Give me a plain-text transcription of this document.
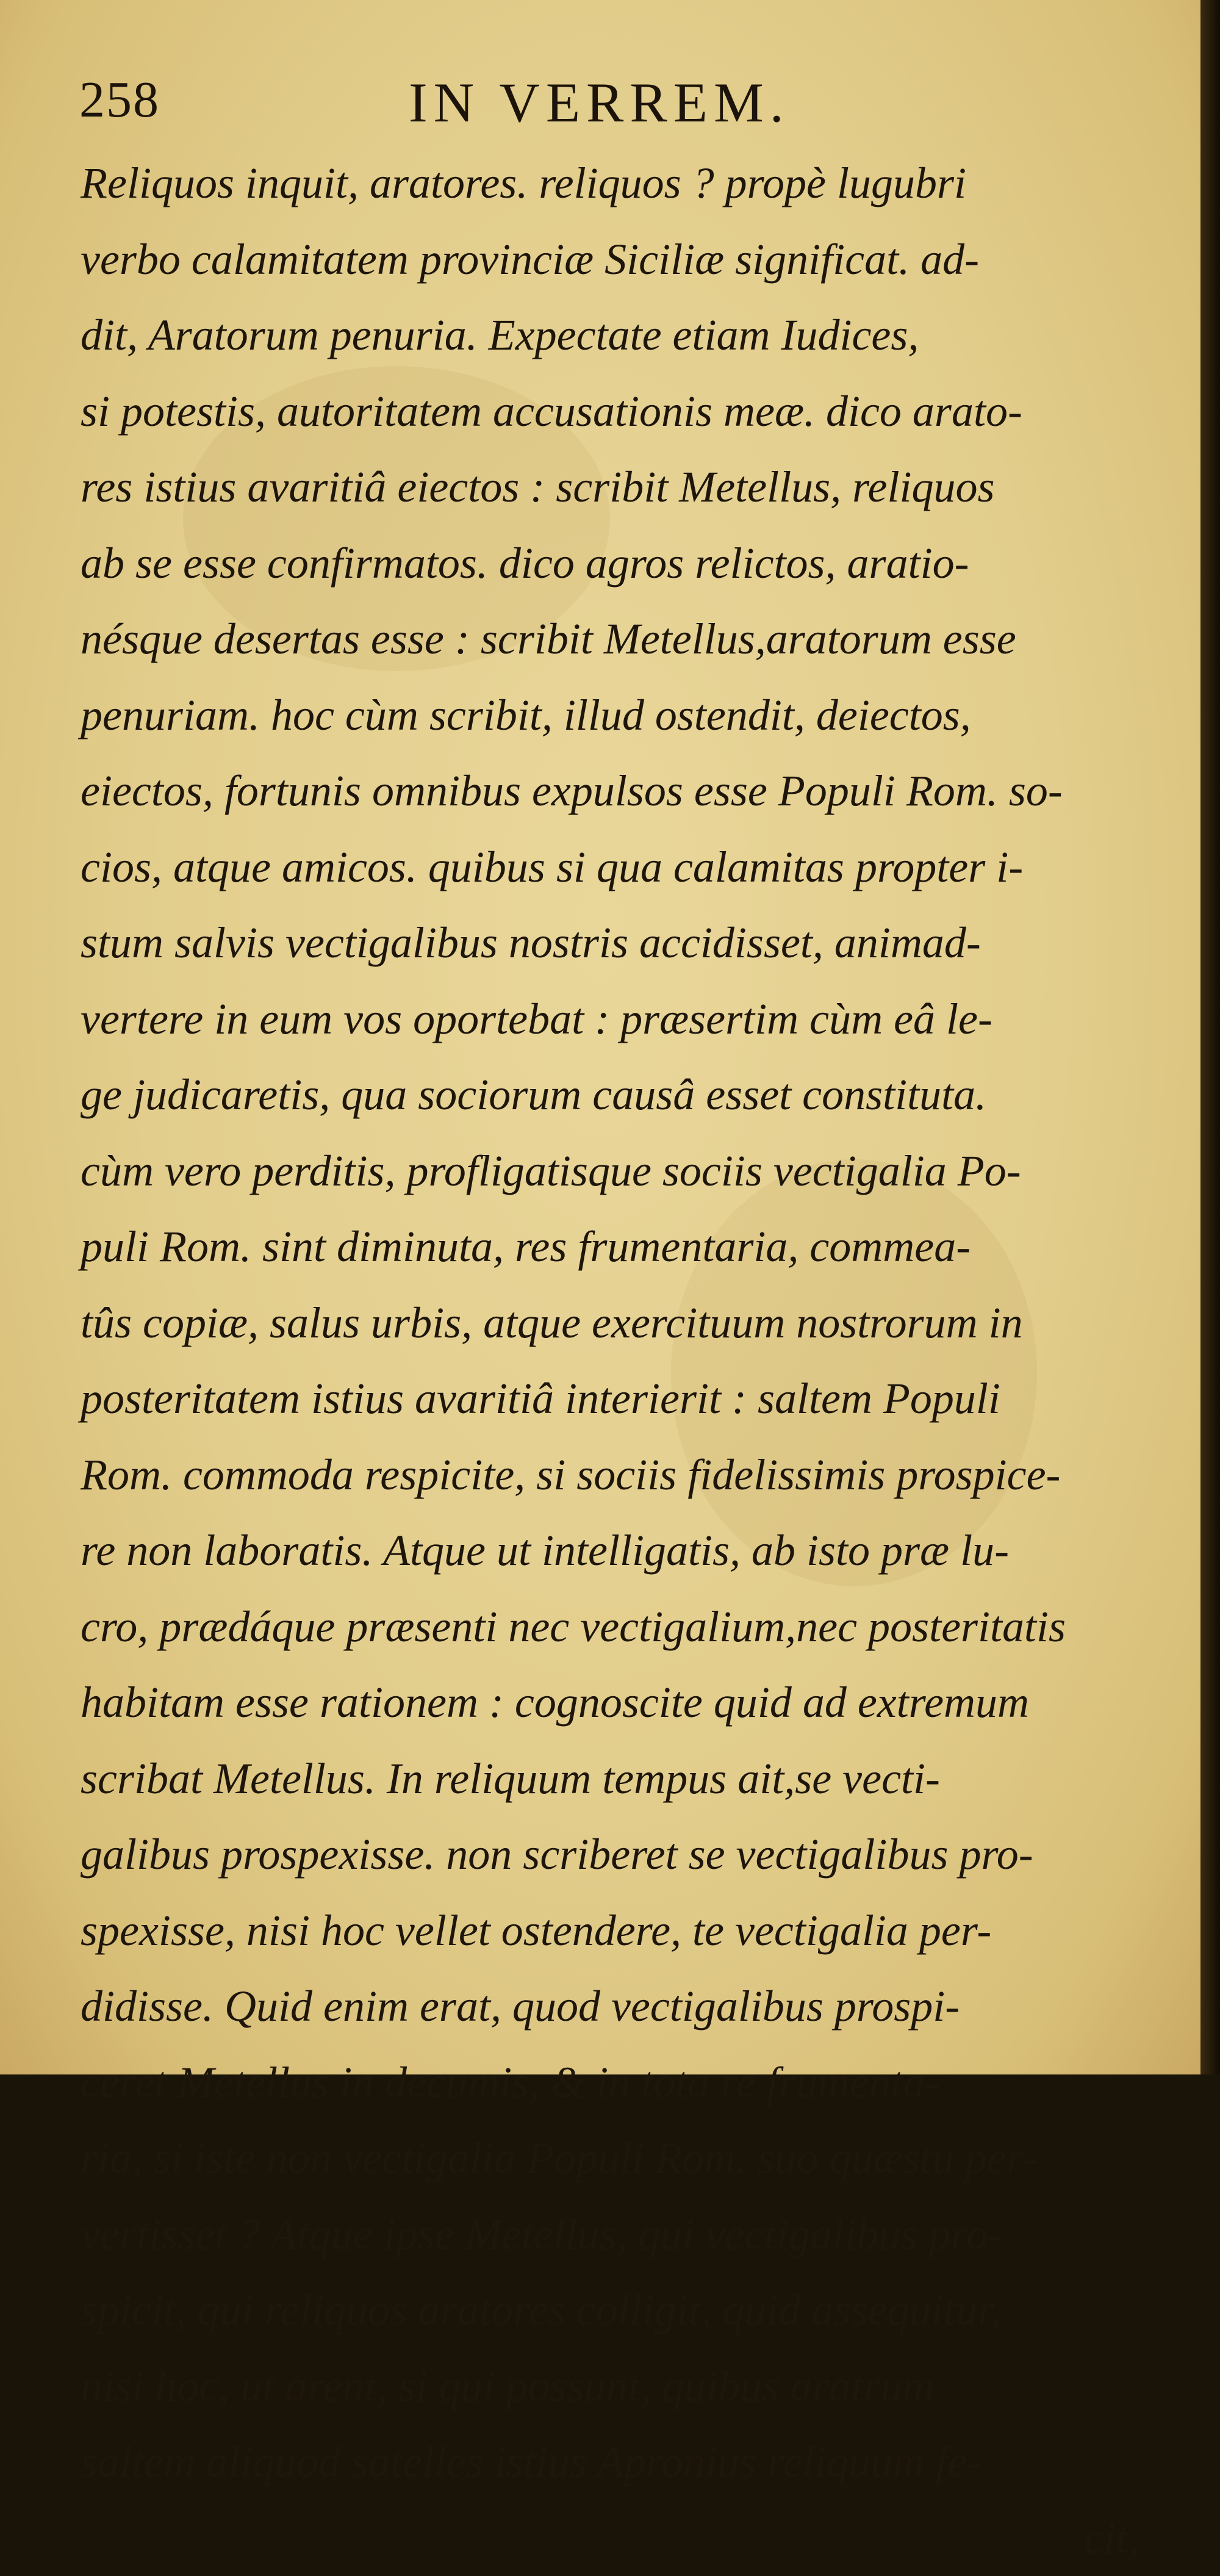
258	IN VERREM.
Reliquos inquit, aratores. reliquos ? propè lugubri
verbo calamitatem provinciæ Siciliæ significat. ad-
dit, Aratorum penuria. Expectate etiam Iudices,
si potestis, autoritatem accusationis meæ. dico arato-
res istius avaritiâ eiectos : scribit Metellus, reliquos
ab se esse confirmatos. dico agros relictos, aratio-
nésque desertas esse : scribit Metellus,aratorum esse
penuriam. hoc cùm scribit, illud ostendit, deiectos,
eiectos, fortunis omnibus expulsos esse Populi Rom. so-
cios, atque amicos. quibus si qua calamitas propter i-
stum salvis vectigalibus nostris accidisset, animad-
vertere in eum vos oportebat : præsertim cùm eâ le-
ge judicaretis, qua sociorum causâ esset constituta.
cùm vero perditis, profligatisque sociis vectigalia Po-
puli Rom. sint diminuta, res frumentaria, commea-
tûs copiæ, salus urbis, atque exercituum nostrorum in
posteritatem istius avaritiâ interierit : saltem Populi
Rom. commoda respicite, si sociis fidelissimis prospice-
re non laboratis. Atque ut intelligatis, ab isto præ lu-
cro, prædáque præsenti nec vectigalium,nec posteritatis
habitam esse rationem : cognoscite quid ad extremum
scribat Metellus. In reliquum tempus ait,se vecti-
galibus prospexisse. non scriberet se vectigalibus pro-
spexisse, nisi hoc vellet ostendere, te vectigalia per-
didisse. Quid enim erat, quod vectigalibus prospi-
ceret Metellus in decumis, & in tota re frumenta-
ria, si iste non vectigalia Populi Rom. suo quæstu per-
vertisset ? Atque ipse Metellus, qui vectigalibus pro-
spicit, qui reliquos aratores colligit, quid assequitur,
nisi hoc, ut arent, si qui possunt, quibus aratrum
saltem aliquod satelles istius Apronius reliquum fe-
cit,
